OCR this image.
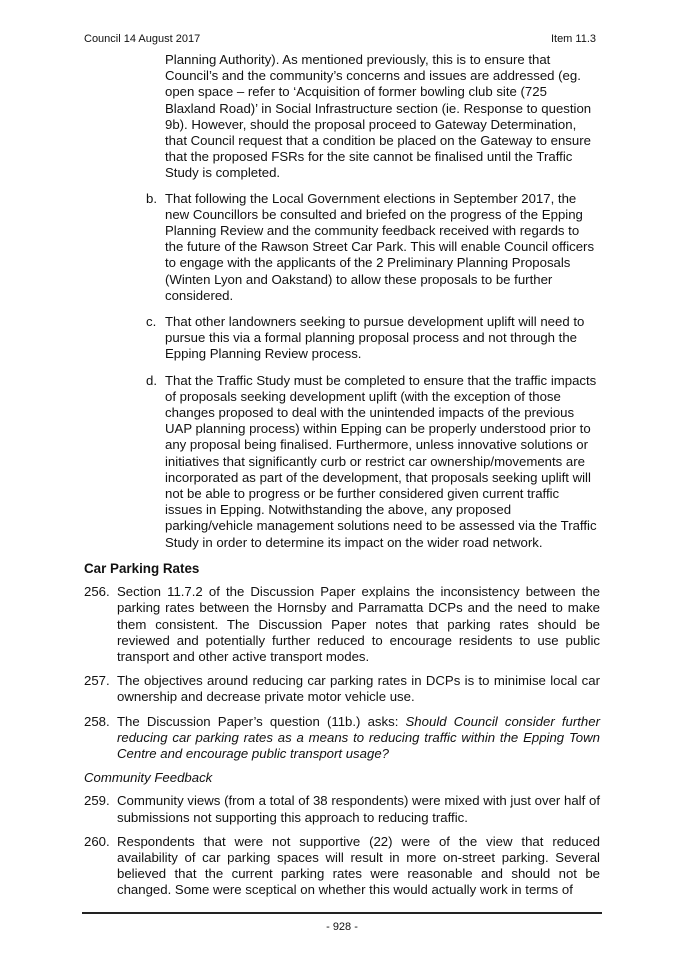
Council 14 August 2017	Item 11.3
Planning Authority). As mentioned previously, this is to ensure that Council’s and the community’s concerns and issues are addressed (eg. open space – refer to ‘Acquisition of former bowling club site (725 Blaxland Road)’ in Social Infrastructure section (ie. Response to question 9b). However, should the proposal proceed to Gateway Determination, that Council request that a condition be placed on the Gateway to ensure that the proposed FSRs for the site cannot be finalised until the Traffic Study is completed.
b. That following the Local Government elections in September 2017, the new Councillors be consulted and briefed on the progress of the Epping Planning Review and the community feedback received with regards to the future of the Rawson Street Car Park. This will enable Council officers to engage with the applicants of the 2 Preliminary Planning Proposals (Winten Lyon and Oakstand) to allow these proposals to be further considered.
c. That other landowners seeking to pursue development uplift will need to pursue this via a formal planning proposal process and not through the Epping Planning Review process.
d. That the Traffic Study must be completed to ensure that the traffic impacts of proposals seeking development uplift (with the exception of those changes proposed to deal with the unintended impacts of the previous UAP planning process) within Epping can be properly understood prior to any proposal being finalised. Furthermore, unless innovative solutions or initiatives that significantly curb or restrict car ownership/movements are incorporated as part of the development, that proposals seeking uplift will not be able to progress or be further considered given current traffic issues in Epping. Notwithstanding the above, any proposed parking/vehicle management solutions need to be assessed via the Traffic Study in order to determine its impact on the wider road network.
Car Parking Rates
256. Section 11.7.2 of the Discussion Paper explains the inconsistency between the parking rates between the Hornsby and Parramatta DCPs and the need to make them consistent. The Discussion Paper notes that parking rates should be reviewed and potentially further reduced to encourage residents to use public transport and other active transport modes.
257. The objectives around reducing car parking rates in DCPs is to minimise local car ownership and decrease private motor vehicle use.
258. The Discussion Paper’s question (11b.) asks: Should Council consider further reducing car parking rates as a means to reducing traffic within the Epping Town Centre and encourage public transport usage?
Community Feedback
259. Community views (from a total of 38 respondents) were mixed with just over half of submissions not supporting this approach to reducing traffic.
260. Respondents that were not supportive (22) were of the view that reduced availability of car parking spaces will result in more on-street parking. Several believed that the current parking rates were reasonable and should not be changed. Some were sceptical on whether this would actually work in terms of
- 928 -
